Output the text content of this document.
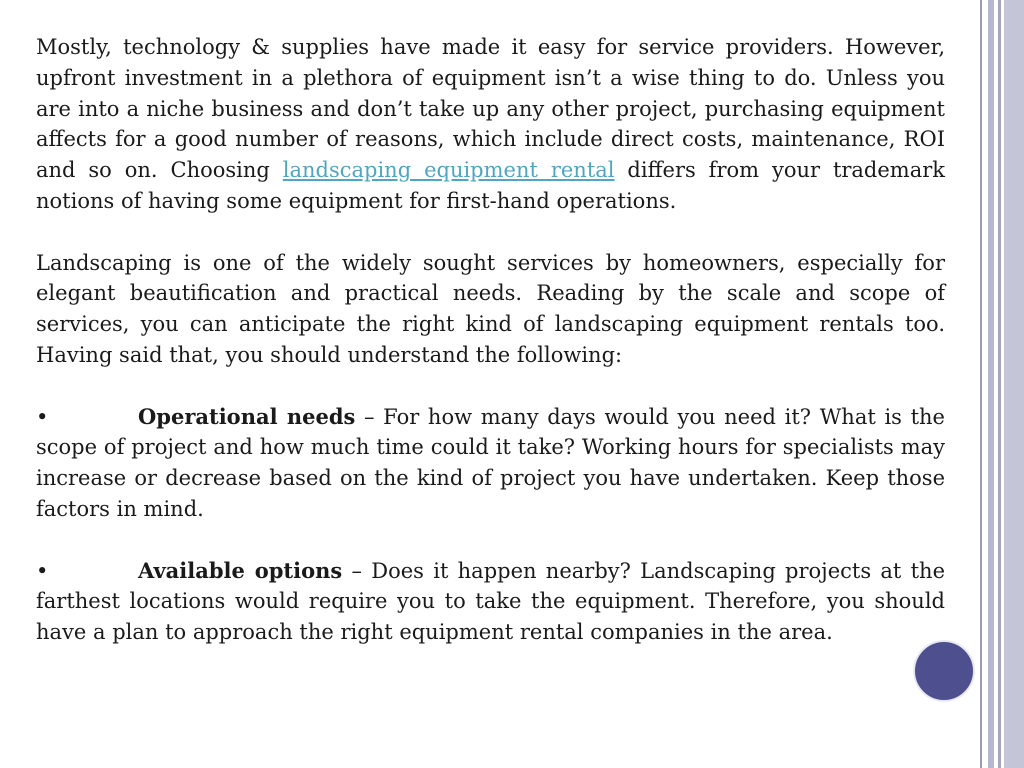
Mostly, technology & supplies have made it easy for service providers. However, upfront investment in a plethora of equipment isn’t a wise thing to do. Unless you are into a niche business and don’t take up any other project, purchasing equipment affects for a good number of reasons, which include direct costs, maintenance, ROI and so on. Choosing landscaping equipment rental differs from your trademark notions of having some equipment for first-hand operations.

Landscaping is one of the widely sought services by homeowners, especially for elegant beautification and practical needs. Reading by the scale and scope of services, you can anticipate the right kind of landscaping equipment rentals too. Having said that, you should understand the following:

•	Operational needs – For how many days would you need it? What is the scope of project and how much time could it take? Working hours for specialists may increase or decrease based on the kind of project you have undertaken. Keep those factors in mind.

•	Available options – Does it happen nearby? Landscaping projects at the farthest locations would require you to take the equipment. Therefore, you should have a plan to approach the right equipment rental companies in the area.
